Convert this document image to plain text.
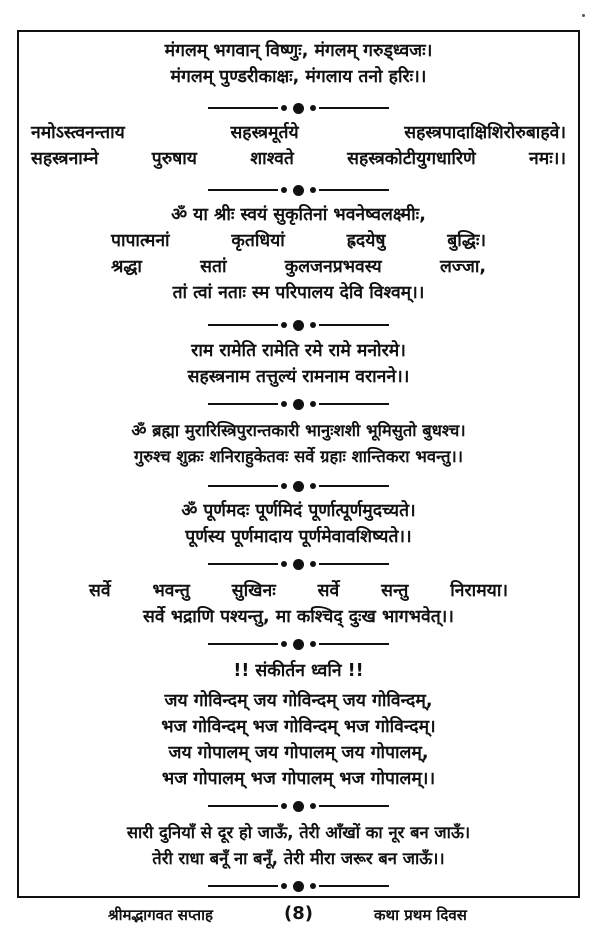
मंगलम् भगवान् विष्णुः, मंगलम् गरुड्ध्वजः।
मंगलम् पुण्डरीकाक्षः, मंगलाय तनो हरिः।।
नमोऽस्त्वनन्ताय सहस्त्रमूर्तये सहस्त्रपादाक्षिशिरोरुबाहवे।
सहस्त्रनाम्ने पुरुषाय शाश्वते सहस्त्रकोटीयुगधारिणे नमः।।
ॐ या श्रीः स्वयं सुकृतिनां भवनेष्वलक्ष्मीः,
पापात्मनां कृतधियां ह्रदयेषु बुद्धिः।
श्रद्धा सतां कुलजनप्रभवस्य लज्जा,
तां त्वां नताः स्म परिपालय देवि विश्वम्।।
राम रामेति रामेति रमे रामे मनोरमे।
सहस्त्रनाम तत्तुल्यं रामनाम वरानने।।
ॐ ब्रह्मा मुरारिस्त्रिपुरान्तकारी भानुःशशी भूमिसुतो बुधश्च।
गुरुश्च शुक्रः शनिराहुकेतवः सर्वे ग्रहाः शान्तिकरा भवन्तु।।
ॐ पूर्णमदः पूर्णमिदं पूर्णात्पूर्णमुदच्यते।
पूर्णस्य पूर्णमादाय पूर्णमेवावशिष्यते।।
सर्वे भवन्तु सुखिनः सर्वे सन्तु निरामया।
सर्वे भद्राणि पश्यन्तु, मा कश्चिद् दुःख भागभवेत्।।
!! संकीर्तन ध्वनि !!
जय गोविन्दम् जय गोविन्दम् जय गोविन्दम्,
भज गोविन्दम् भज गोविन्दम् भज गोविन्दम्।
जय गोपालम् जय गोपालम् जय गोपालम्,
भज गोपालम् भज गोपालम् भज गोपालम्।।
सारी दुनियाँ से दूर हो जाऊँ, तेरी आँखों का नूर बन जाऊँ।
तेरी राधा बनूँ ना बनूँ, तेरी मीरा जरूर बन जाऊँ।।
श्रीमद्भागवत सप्ताह	(8)	कथा प्रथम दिवस
